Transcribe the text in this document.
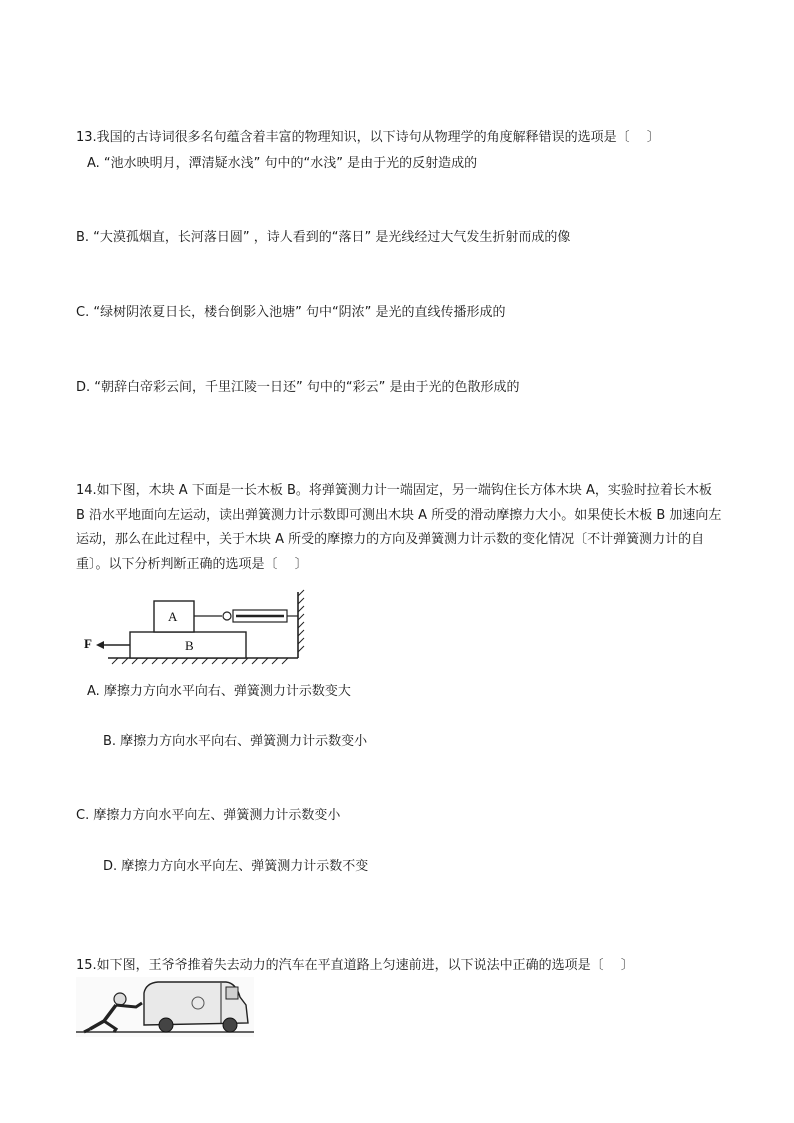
13.我国的古诗词很多名句蕴含着丰富的物理知识，以下诗句从物理学的角度解释错误的选项是〔　 〕

A. “池水映明月，潭清疑水浅” 句中的“水浅” 是由于光的反射造成的

B. “大漠孤烟直，长河落日圆” ，诗人看到的“落日” 是光线经过大气发生折射而成的像

C. “绿树阴浓夏日长，楼台倒影入池塘” 句中“阴浓” 是光的直线传播形成的

D. “朝辞白帝彩云间，千里江陵一日还” 句中的“彩云” 是由于光的色散形成的

14.如下图，木块 A 下面是一长木板 B。将弹簧测力计一端固定，另一端钩住长方体木块 A，实验时拉着长木板 B 沿水平地面向左运动，读出弹簧测力计示数即可测出木块 A 所受的滑动摩擦力大小。如果使长木板 B 加速向左运动，那么在此过程中，关于木块 A 所受的摩擦力的方向及弹簧测力计示数的变化情况〔不计弹簧测力计的自重〕。以下分析判断正确的选项是〔　 〕

B
A
F

A. 摩擦力方向水平向右、弹簧测力计示数变大

B. 摩擦力方向水平向右、弹簧测力计示数变小

C. 摩擦力方向水平向左、弹簧测力计示数变小

D. 摩擦力方向水平向左、弹簧测力计示数不变

15.如下图，王爷爷推着失去动力的汽车在平直道路上匀速前进，以下说法中正确的选项是〔　 〕
